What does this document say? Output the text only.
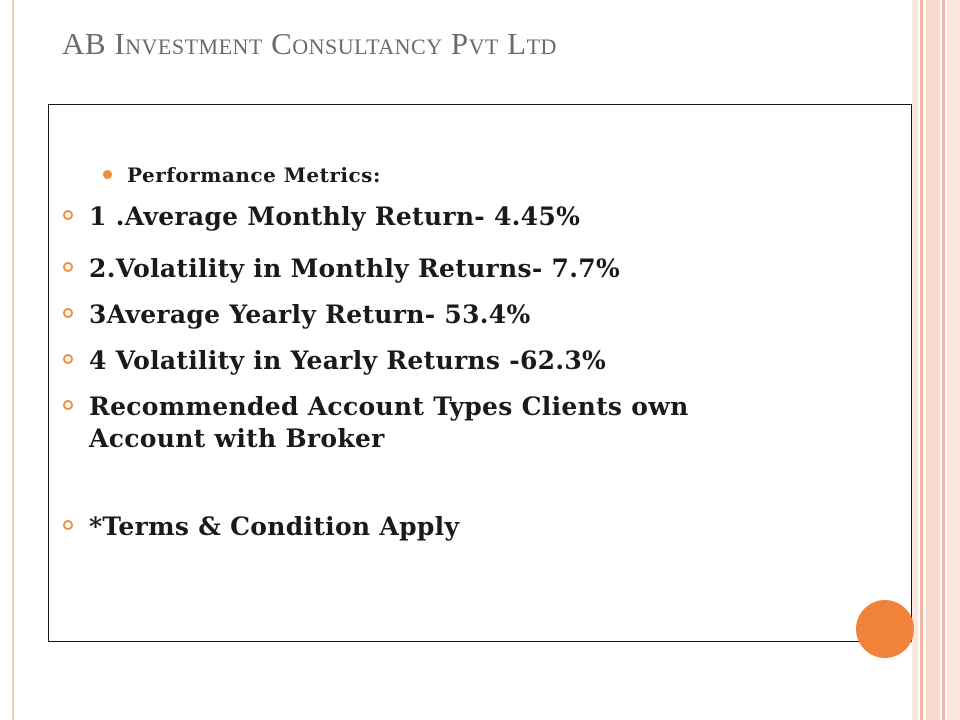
AB Investment Consultancy Pvt Ltd

Performance Metrics:

1 .Average Monthly Return- 4.45%
2.Volatility in Monthly Returns- 7.7%
3Average Yearly Return- 53.4%
4 Volatility in Yearly Returns -62.3%
Recommended Account Types Clients own Account with Broker
*Terms & Condition Apply
